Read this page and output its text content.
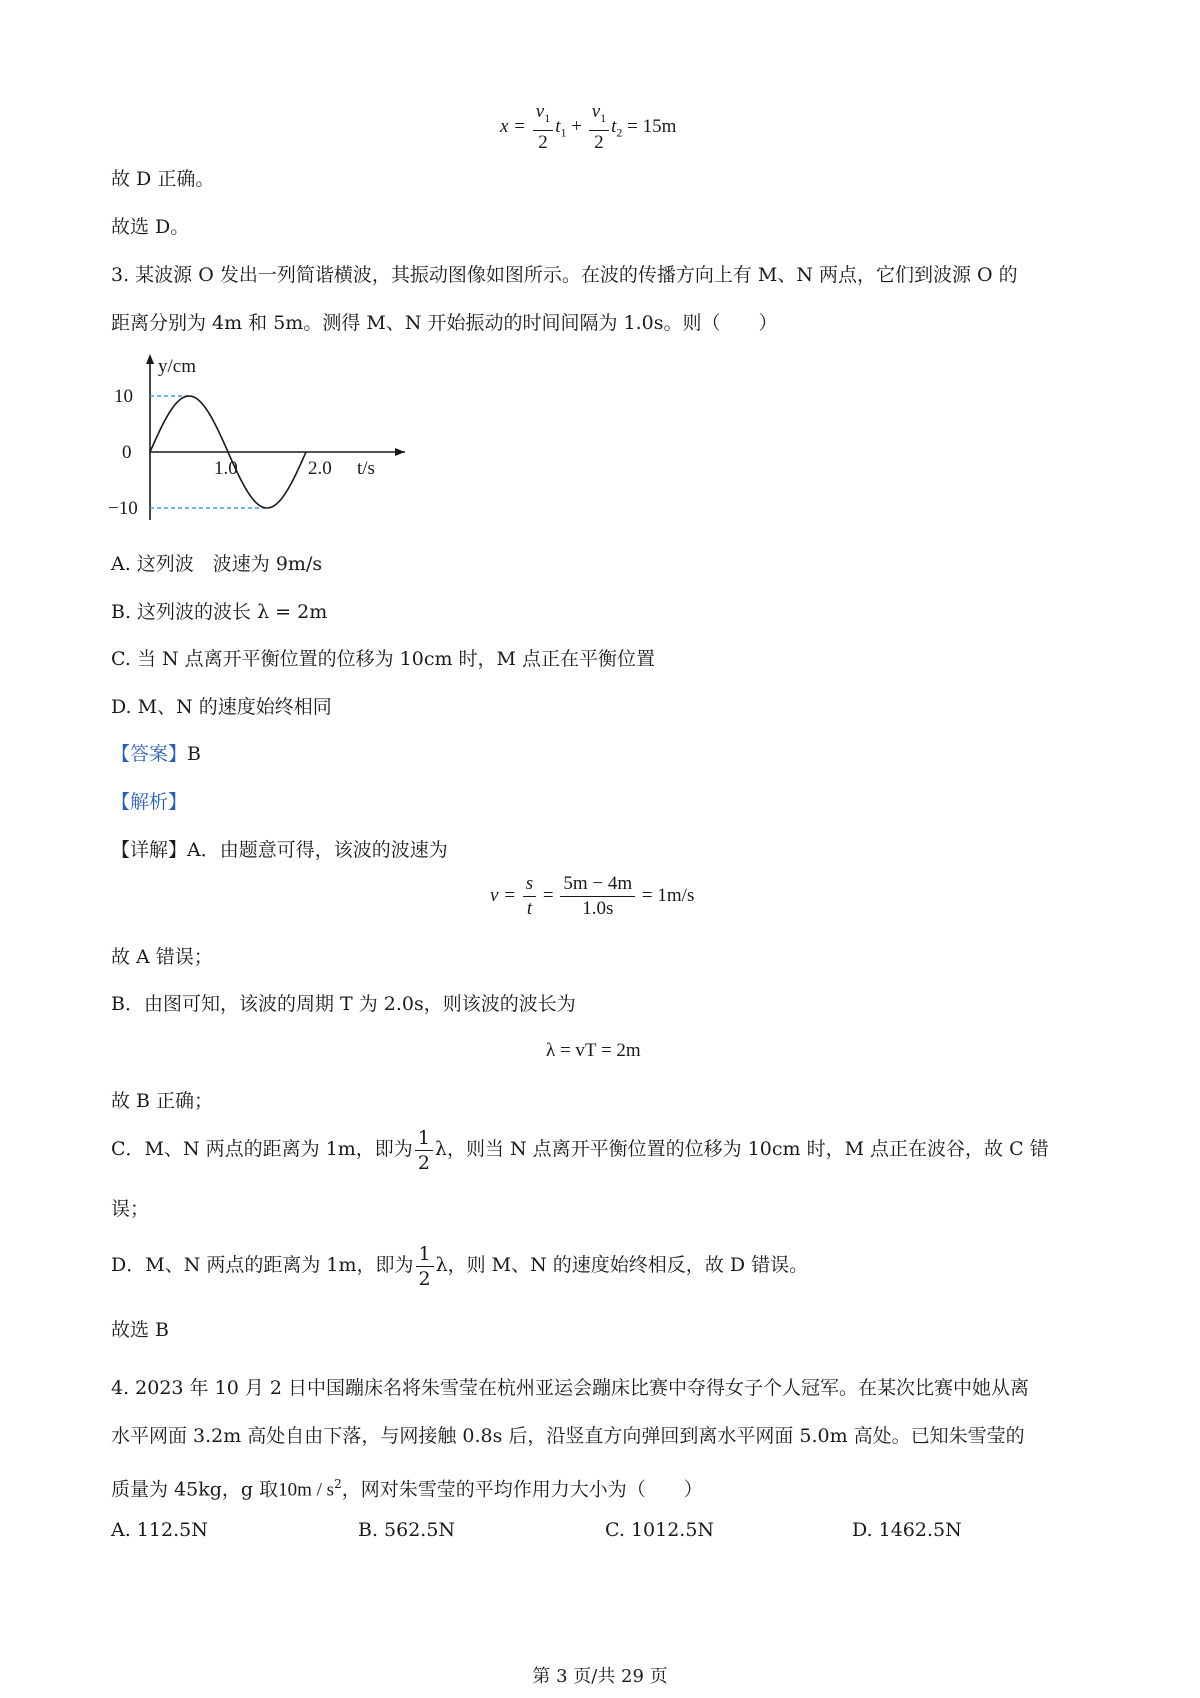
$x = \frac{v_1}{2} t_1 + \frac{v_1}{2} t_2 = 15m$
故 D 正确。
故选 D。
3. 某波源 O 发出一列简谐横波，其振动图像如图所示。在波的传播方向上有 M、N 两点，它们到波源 O 的
距离分别为 4m 和 5m。测得 M、N 开始振动的时间间隔为 1.0s。则（　　）
y/cm
10
0
−10
1.0	2.0 t/s
A. 这列波　波速为 9m/s
B. 这列波的波长 λ = 2m
C. 当 N 点离开平衡位置的位移为 10cm 时，M 点正在平衡位置
D. M、N 的速度始终相同
【答案】B
【解析】
【详解】A．由题意可得，该波的波速为
$v = \frac{s}{t} = \frac{5m - 4m}{1.0s} = 1m/s$
故 A 错误；
B．由图可知，该波的周期 T 为 2.0s，则该波的波长为
λ = vT = 2m
故 B 正确；
C．M、N 两点的距离为 1m，即为 $\frac{1}{2}$ λ，则当 N 点离开平衡位置的位移为 10cm 时，M 点正在波谷，故 C 错
误；
D．M、N 两点的距离为 1m，即为 $\frac{1}{2}$ λ，则 M、N 的速度始终相反，故 D 错误。
故选 B
4. 2023 年 10 月 2 日中国蹦床名将朱雪莹在杭州亚运会蹦床比赛中夺得女子个人冠军。在某次比赛中她从离
水平网面 3.2m 高处自由下落，与网接触 0.8s 后，沿竖直方向弹回到离水平网面 5.0m 高处。已知朱雪莹的
质量为 45kg，g 取$10m / s^2$，网对朱雪莹的平均作用力大小为（　　）
A. 112.5N	B. 562.5N	C. 1012.5N	D. 1462.5N
第 3 页/共 29 页
